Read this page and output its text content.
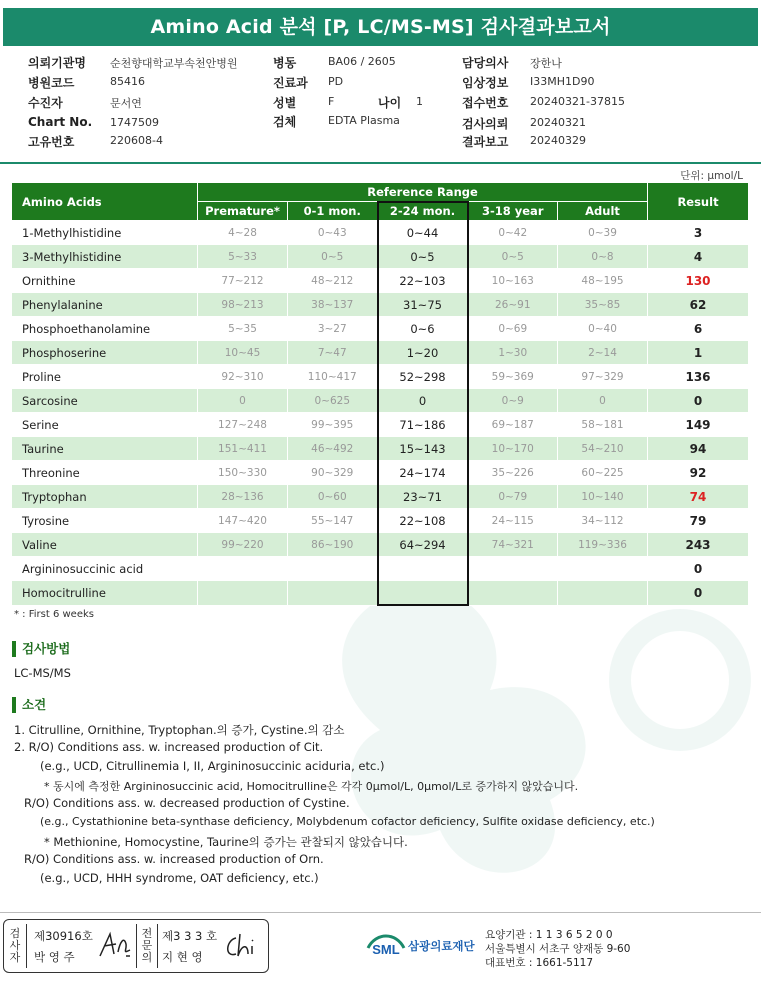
Amino Acid 분석 [P, LC/MS-MS] 검사결과보고서
의뢰기관명 순천향대학교부속천안병원
병원코드	85416
수진자	문서연
Chart No. 1747509
고유번호	220608-4
병동	BA06 / 2605
진료과 PD
성별	F	나이 1
검체	EDTA Plasma
담당의사 장한나
임상정보 I33MH1D90
접수번호 20240321-37815
검사의뢰 20240321
결과보고 20240329
단위: μmol/L
Amino Acids	Reference Range					Result
	Premature*	0-1 mon.	2-24 mon.	3-18 year	Adult	
1-Methylhistidine	4~28	0~43	0~44	0~42	0~39	3
3-Methylhistidine	5~33	0~5	0~5	0~5	0~8	4
Ornithine	77~212	48~212	22~103	10~163	48~195	130
Phenylalanine	98~213	38~137	31~75	26~91	35~85	62
Phosphoethanolamine	5~35	3~27	0~6	0~69	0~40	6
Phosphoserine	10~45	7~47	1~20	1~30	2~14	1
Proline	92~310	110~417	52~298	59~369	97~329	136
Sarcosine	0	0~625	0	0~9	0	0
Serine	127~248	99~395	71~186	69~187	58~181	149
Taurine	151~411	46~492	15~143	10~170	54~210	94
Threonine	150~330	90~329	24~174	35~226	60~225	92
Tryptophan	28~136	0~60	23~71	0~79	10~140	74
Tyrosine	147~420	55~147	22~108	24~115	34~112	79
Valine	99~220	86~190	64~294	74~321	119~336	243
Argininosuccinic acid						0
Homocitrulline						0
* : First 6 weeks
검사방법
LC-MS/MS
소견
1. Citrulline, Ornithine, Tryptophan.의 증가, Cystine.의 감소
2. R/O) Conditions ass. w. increased production of Cit.
(e.g., UCD, Citrullinemia I, II, Argininosuccinic aciduria, etc.)
* 동시에 측정한 Argininosuccinic acid, Homocitrulline은 각각 0μmol/L, 0μmol/L로 증가하지 않았습니다.
R/O) Conditions ass. w. decreased production of Cystine.
(e.g., Cystathionine beta-synthase deficiency, Molybdenum cofactor deficiency, Sulfite oxidase deficiency, etc.)
* Methionine, Homocystine, Taurine의 증가는 관찰되지 않았습니다.
R/O) Conditions ass. w. increased production of Orn.
(e.g., UCD, HHH syndrome, OAT deficiency, etc.)
검
사
자
제30916호
박 영 주
전
문
의
제3 3 3 호
지 현 영	SML 삼광의료재단
요양기관 : 1 1 3 6 5 2 0 0
서울특별시 서초구 양재동 9-60
대표번호 : 1661-5117
